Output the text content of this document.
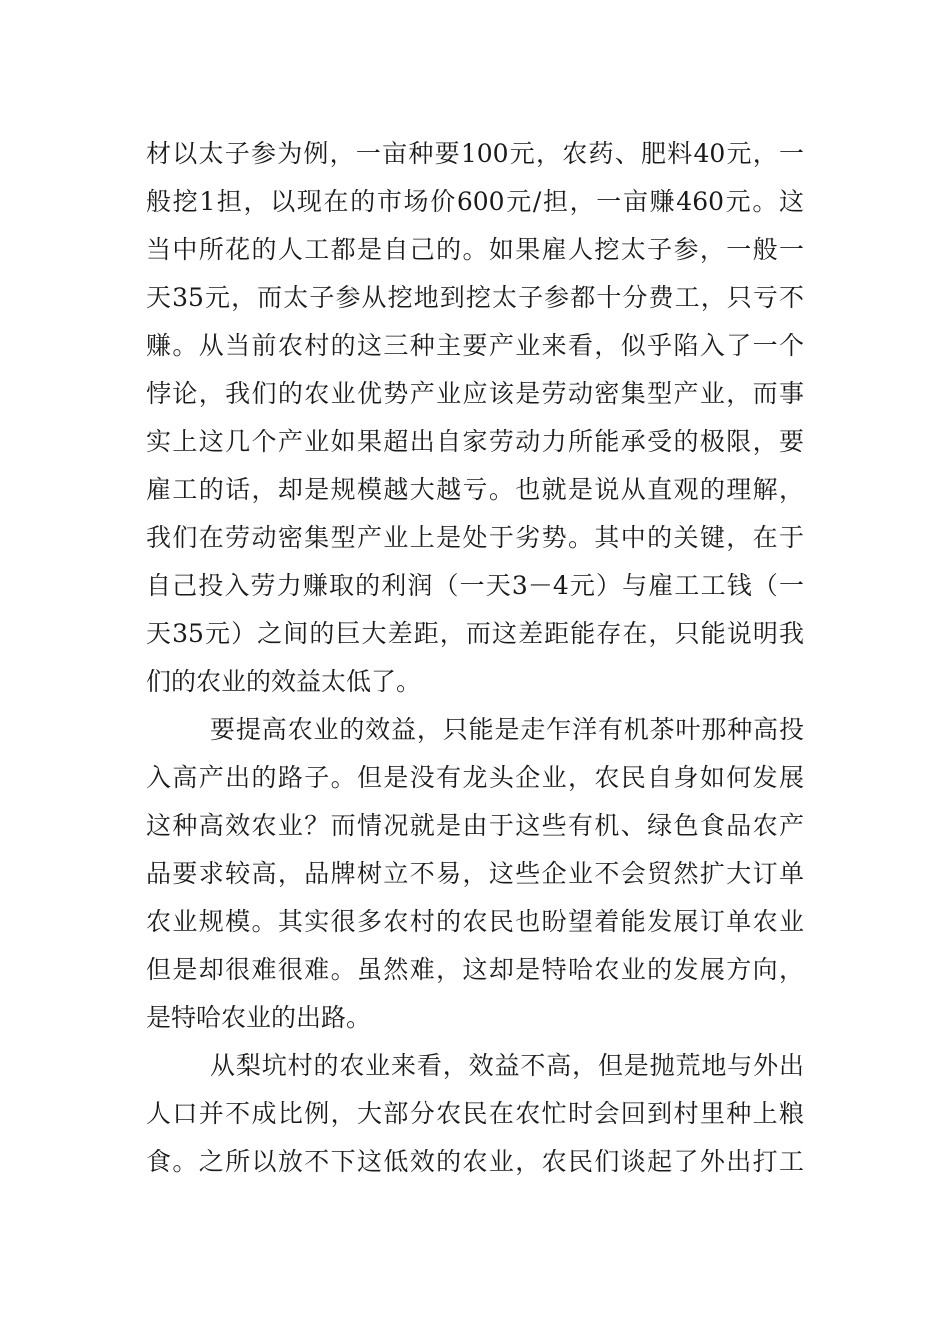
材以太子参为例，一亩种要100元，农药、肥料40元，一
般挖1担，以现在的市场价600元/担，一亩赚460元。这
当中所花的人工都是自己的。如果雇人挖太子参，一般一
天35元，而太子参从挖地到挖太子参都十分费工，只亏不
赚。从当前农村的这三种主要产业来看，似乎陷入了一个
悖论，我们的农业优势产业应该是劳动密集型产业，而事
实上这几个产业如果超出自家劳动力所能承受的极限，要
雇工的话，却是规模越大越亏。也就是说从直观的理解，
我们在劳动密集型产业上是处于劣势。其中的关键，在于
自己投入劳力赚取的利润（一天3－4元）与雇工工钱（一
天35元）之间的巨大差距，而这差距能存在，只能说明我
们的农业的效益太低了。
要提高农业的效益，只能是走乍洋有机茶叶那种高投
入高产出的路子。但是没有龙头企业，农民自身如何发展
这种高效农业？而情况就是由于这些有机、绿色食品农产
品要求较高，品牌树立不易，这些企业不会贸然扩大订单
农业规模。其实很多农村的农民也盼望着能发展订单农业
但是却很难很难。虽然难，这却是特哈农业的发展方向，
是特哈农业的出路。
从梨坑村的农业来看，效益不高，但是抛荒地与外出
人口并不成比例，大部分农民在农忙时会回到村里种上粮
食。之所以放不下这低效的农业，农民们谈起了外出打工
